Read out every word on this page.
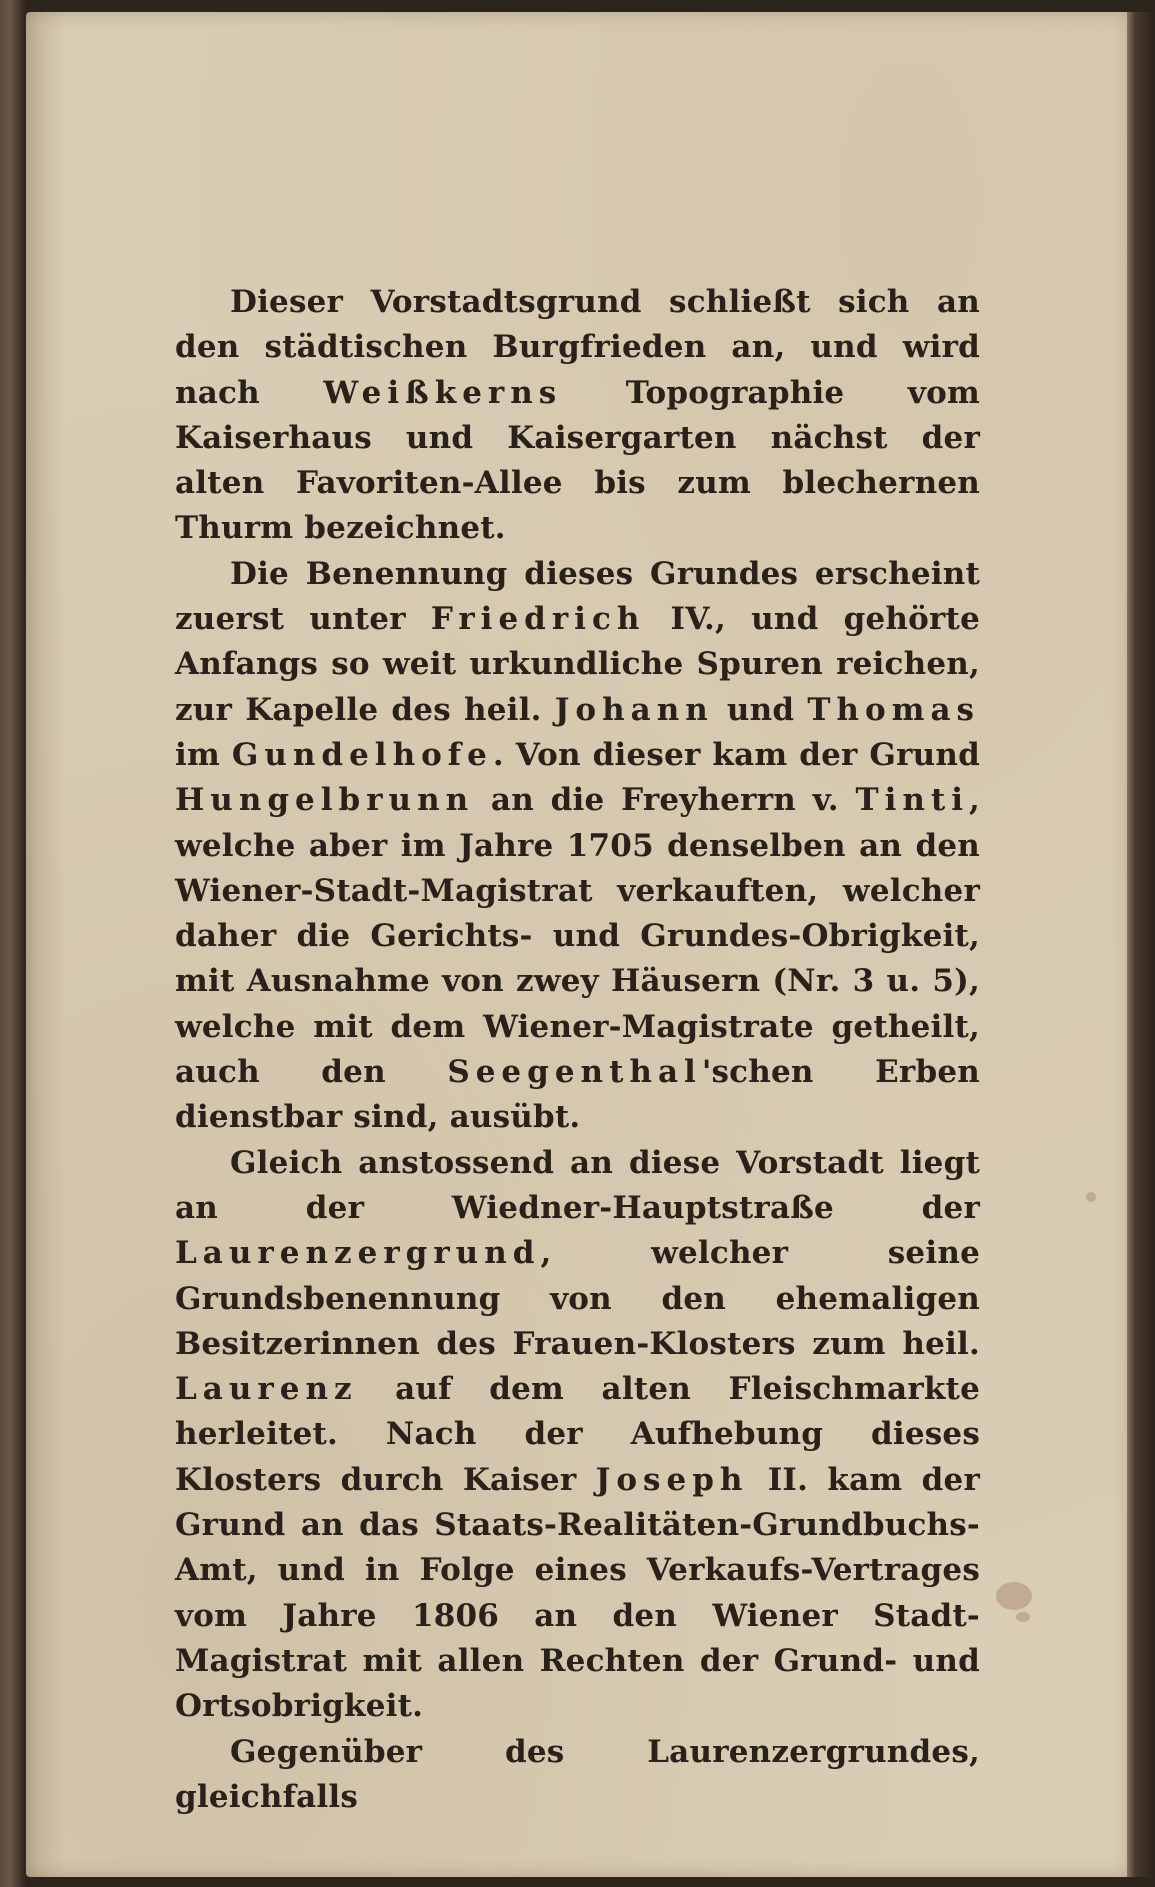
Dieser Vorstadtsgrund schließt sich an den städtischen Burgfrieden an, und wird nach Weißkerns Topographie vom Kaiserhaus und Kaisergarten nächst der alten Favoriten-Allee bis zum blechernen Thurm bezeichnet.

Die Benennung dieses Grundes erscheint zuerst unter Friedrich IV., und gehörte Anfangs so weit urkundliche Spuren reichen, zur Kapelle des heil. Johann und Thomas im Gundelhofe. Von dieser kam der Grund Hungelbrunn an die Freyherrn v. Tinti, welche aber im Jahre 1705 denselben an den Wiener-Stadt-Magistrat verkauften, welcher daher die Gerichts- und Grundes-Obrigkeit, mit Ausnahme von zwey Häusern (Nr. 3 u. 5), welche mit dem Wiener-Magistrate getheilt, auch den Seegenthal'schen Erben dienstbar sind, ausübt.

Gleich anstossend an diese Vorstadt liegt an der Wiedner-Hauptstraße der Laurenzergrund, welcher seine Grundsbenennung von den ehemaligen Besitzerinnen des Frauen-Klosters zum heil. Laurenz auf dem alten Fleischmarkte herleitet. Nach der Aufhebung dieses Klosters durch Kaiser Joseph II. kam der Grund an das Staats-Realitäten-Grundbuchs-Amt, und in Folge eines Verkaufs-Vertrages vom Jahre 1806 an den Wiener Stadt-Magistrat mit allen Rechten der Grund- und Ortsobrigkeit.

Gegenüber des Laurenzergrundes, gleichfalls
